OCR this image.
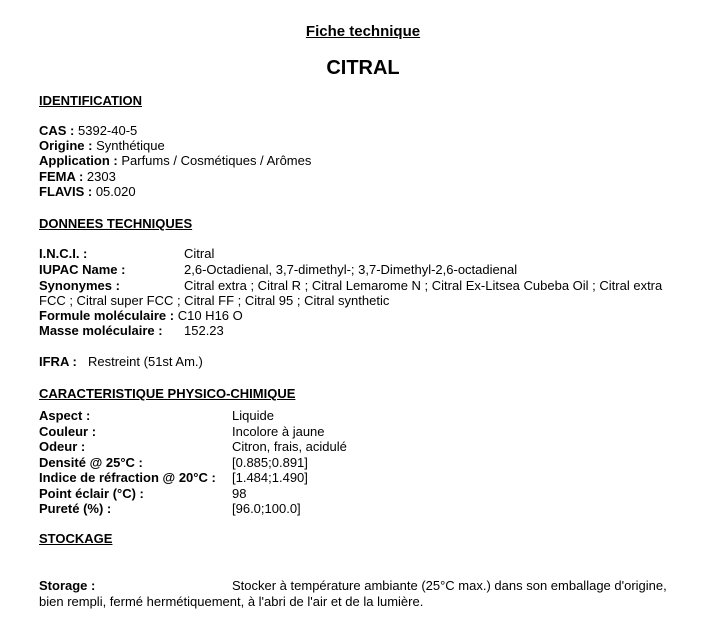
Fiche technique
CITRAL
IDENTIFICATION
CAS : 5392-40-5
Origine : Synthétique
Application : Parfums / Cosmétiques / Arômes
FEMA : 2303
FLAVIS : 05.020
DONNEES TECHNIQUES
I.N.C.I. :	Citral
IUPAC Name :	2,6-Octadienal, 3,7-dimethyl-; 3,7-Dimethyl-2,6-octadienal
Synonymes :	Citral extra ; Citral R ; Citral Lemarome N ; Citral Ex-Litsea Cubeba Oil ; Citral extra
FCC ; Citral super FCC ; Citral FF ; Citral 95 ; Citral synthetic
Formule moléculaire : C10 H16 O
Masse moléculaire : 152.23
IFRA : Restreint (51st Am.)
CARACTERISTIQUE PHYSICO-CHIMIQUE
Aspect :	Liquide
Couleur :	Incolore à jaune
Odeur :	Citron, frais, acidulé
Densité @ 25°C :	[0.885;0.891]
Indice de réfraction @ 20°C : [1.484;1.490]
Point éclair (°C) :	98
Pureté (%) :	[96.0;100.0]
STOCKAGE
Storage :	Stocker à température ambiante (25°C max.) dans son emballage d'origine,
bien rempli, fermé hermétiquement, à l'abri de l'air et de la lumière.
